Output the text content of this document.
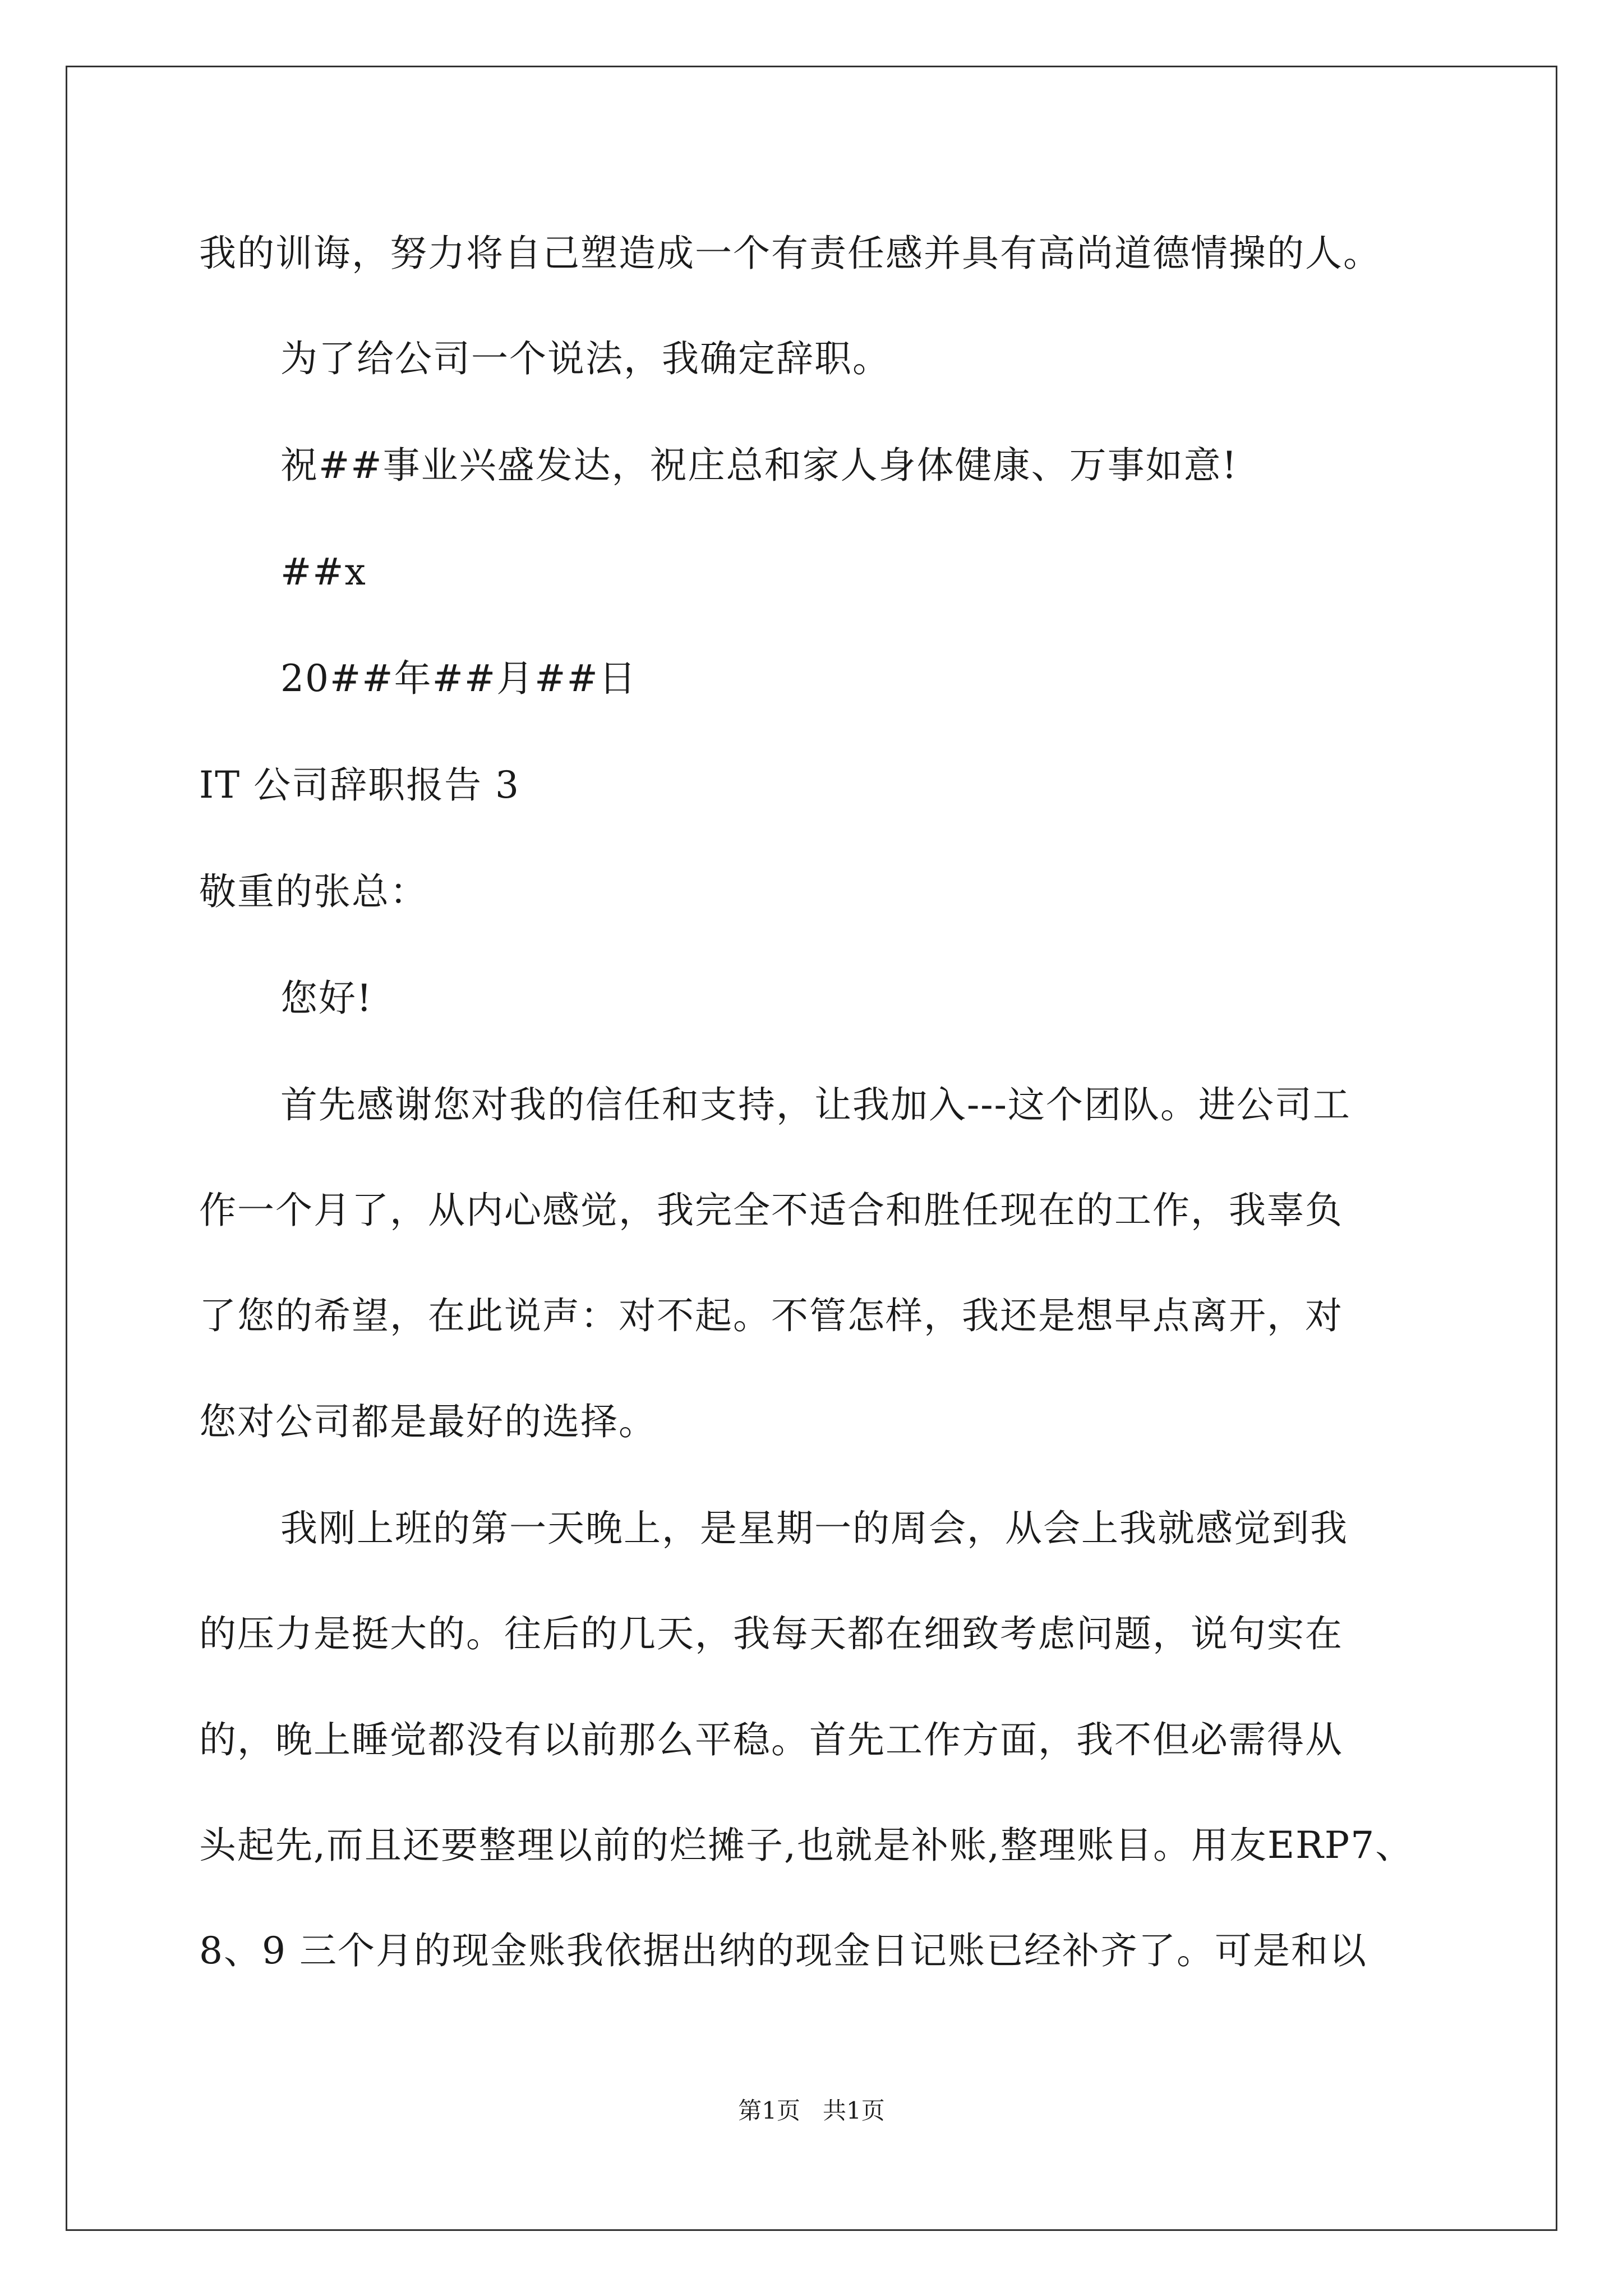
我的训诲，努力将自己塑造成一个有责任感并具有高尚道德情操的人。
为了给公司一个说法，我确定辞职。
祝##事业兴盛发达，祝庄总和家人身体健康、万事如意!
##x
20##年##月##日
IT 公司辞职报告 3
敬重的张总：
您好!
首先感谢您对我的信任和支持，让我加入---这个团队。进公司工
作一个月了，从内心感觉，我完全不适合和胜任现在的工作，我辜负
了您的希望，在此说声：对不起。不管怎样，我还是想早点离开，对
您对公司都是最好的选择。
我刚上班的第一天晚上，是星期一的周会，从会上我就感觉到我
的压力是挺大的。往后的几天，我每天都在细致考虑问题，说句实在
的，晚上睡觉都没有以前那么平稳。首先工作方面，我不但必需得从
头起先,而且还要整理以前的烂摊子,也就是补账,整理账目。用友ERP7、
8、9 三个月的现金账我依据出纳的现金日记账已经补齐了。可是和以
第1页   共1页
